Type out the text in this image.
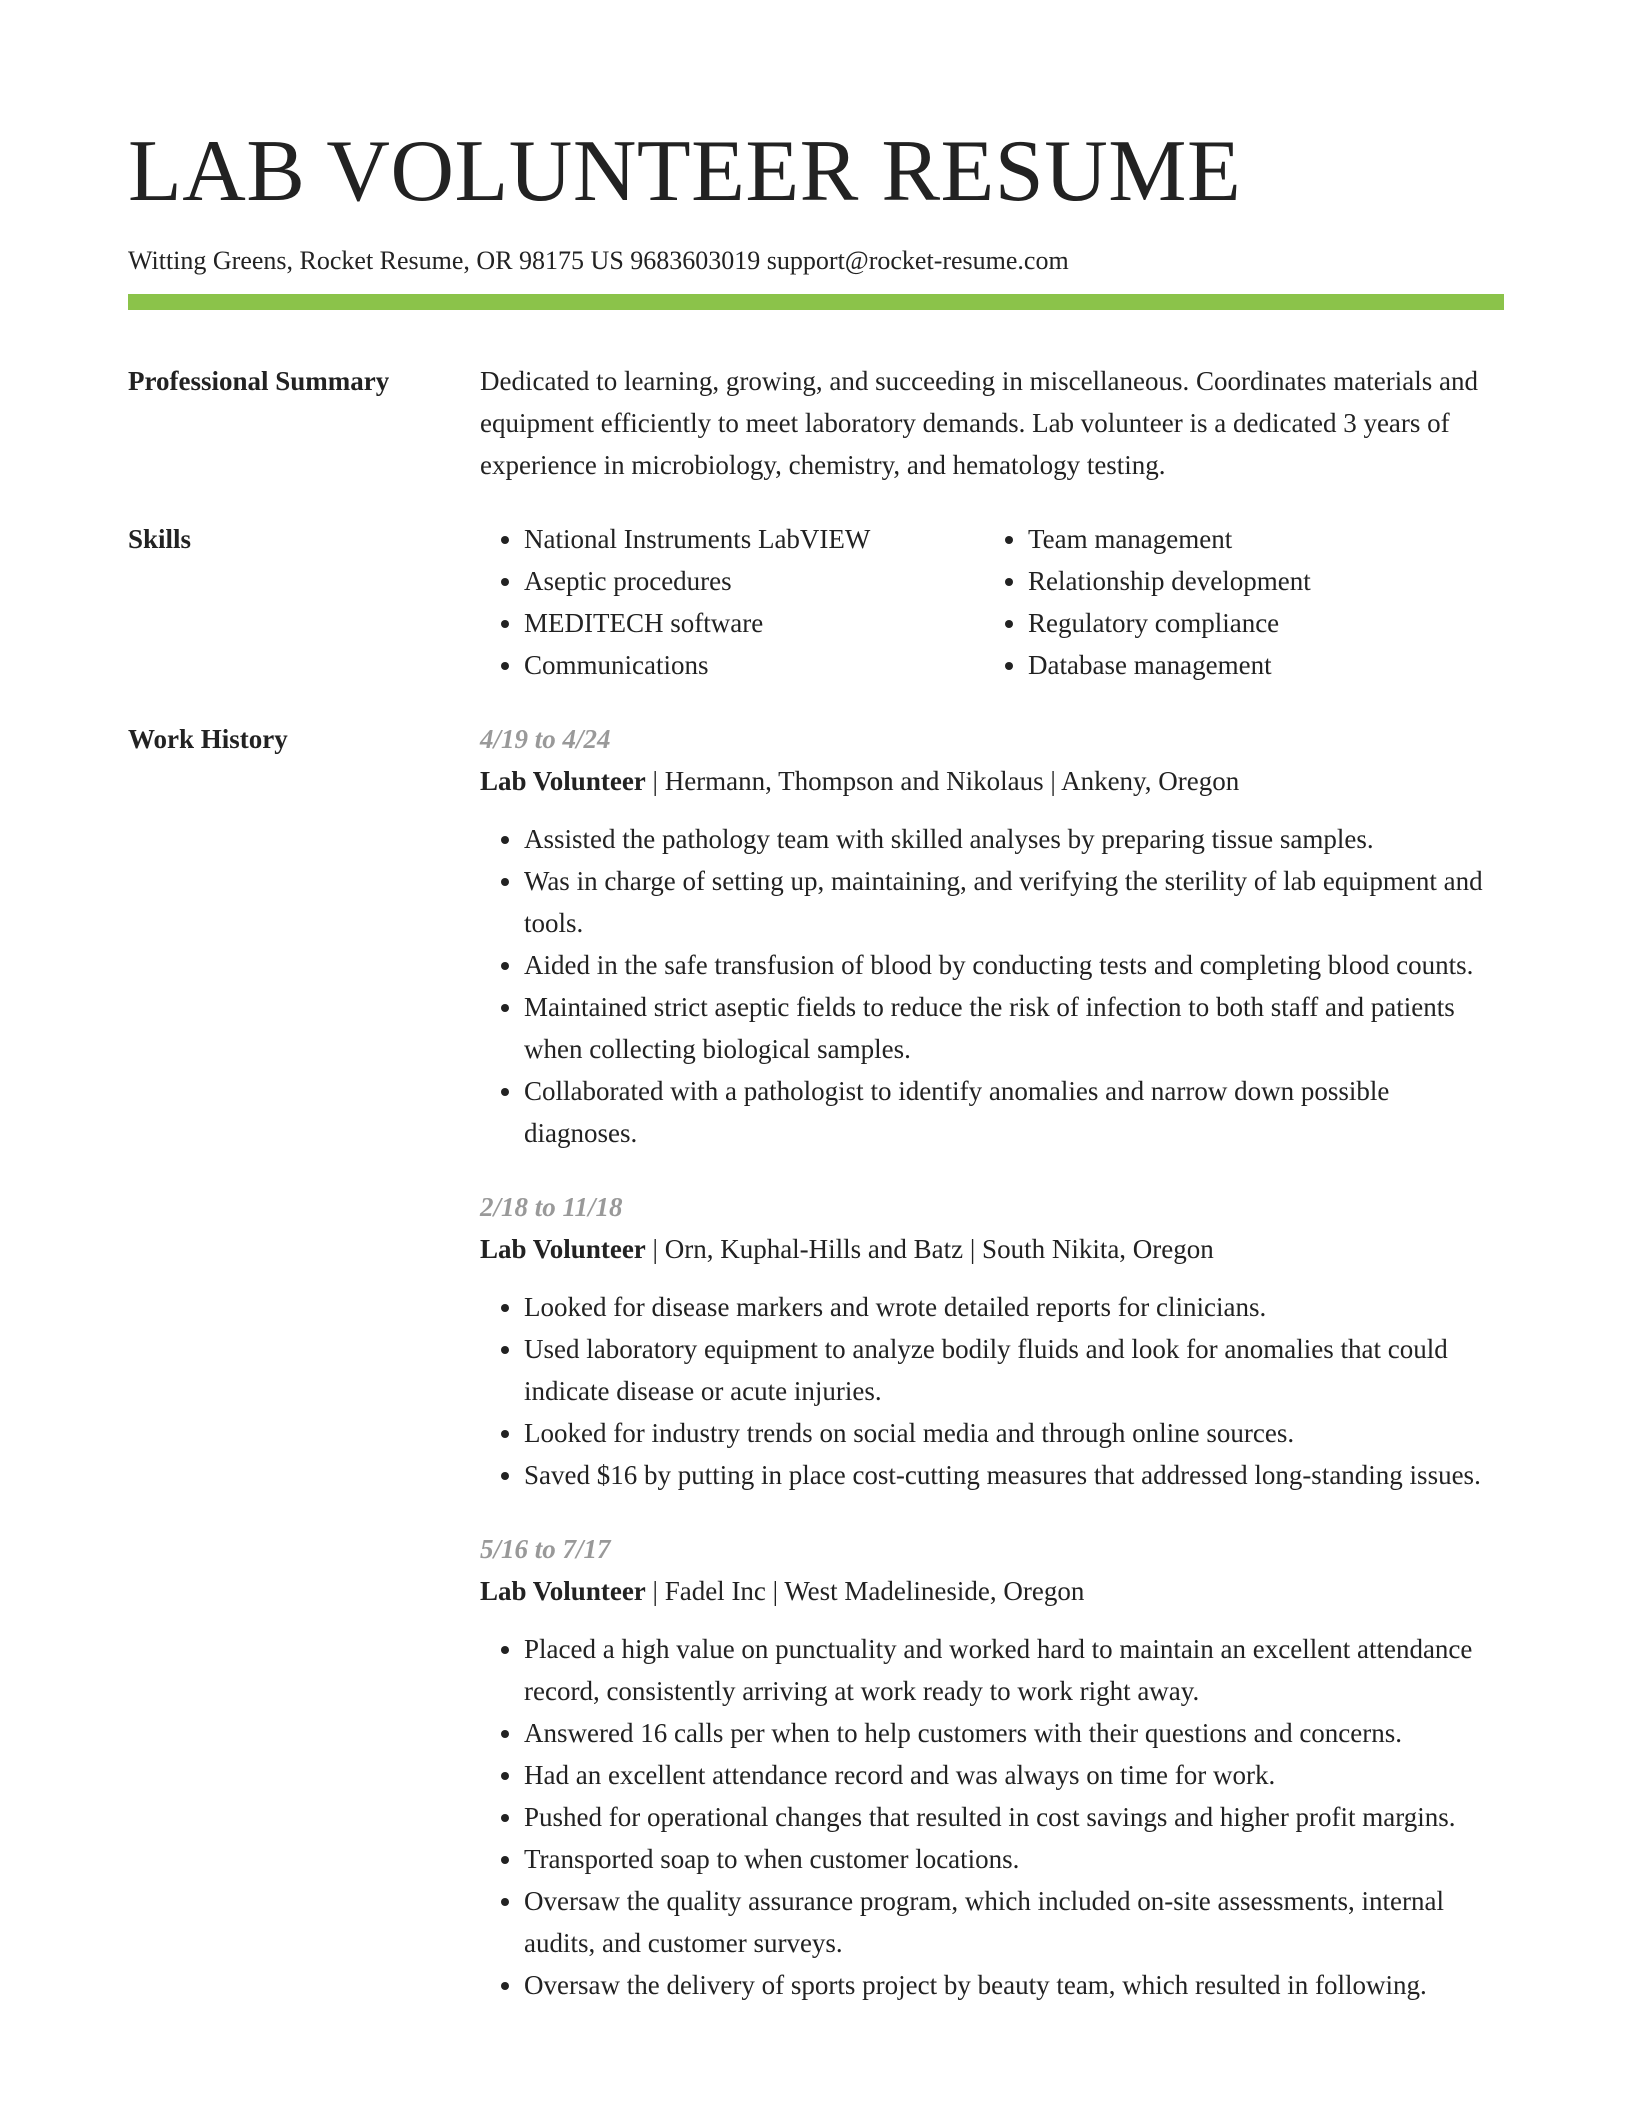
LAB VOLUNTEER RESUME
Witting Greens, Rocket Resume, OR 98175 US 9683603019 support@rocket-resume.com
Professional Summary	Dedicated to learning, growing, and succeeding in miscellaneous. Coordinates materials and equipment efficiently to meet laboratory demands. Lab volunteer is a dedicated 3 years of experience in microbiology, chemistry, and hematology testing.
Skills
•	National Instruments LabVIEW
• Aseptic procedures
• MEDITECH software
• Communications
• Team management
• Relationship development
• Regulatory compliance
• Database management
Work History	4/19 to 4/24
Lab Volunteer | Hermann, Thompson and Nikolaus | Ankeny, Oregon
• Assisted the pathology team with skilled analyses by preparing tissue samples.
• Was in charge of setting up, maintaining, and verifying the sterility of lab equipment and tools.
• Aided in the safe transfusion of blood by conducting tests and completing blood counts.
• Maintained strict aseptic fields to reduce the risk of infection to both staff and patients when collecting biological samples.
• Collaborated with a pathologist to identify anomalies and narrow down possible diagnoses.
2/18 to 11/18
Lab Volunteer | Orn, Kuphal-Hills and Batz | South Nikita, Oregon
• Looked for disease markers and wrote detailed reports for clinicians.
• Used laboratory equipment to analyze bodily fluids and look for anomalies that could indicate disease or acute injuries.
• Looked for industry trends on social media and through online sources.
• Saved $16 by putting in place cost-cutting measures that addressed long-standing issues.
5/16 to 7/17
Lab Volunteer | Fadel Inc | West Madelineside, Oregon
• Placed a high value on punctuality and worked hard to maintain an excellent attendance record, consistently arriving at work ready to work right away.
• Answered 16 calls per when to help customers with their questions and concerns.
• Had an excellent attendance record and was always on time for work.
• Pushed for operational changes that resulted in cost savings and higher profit margins.
• Transported soap to when customer locations.
• Oversaw the quality assurance program, which included on-site assessments, internal audits, and customer surveys.
• Oversaw the delivery of sports project by beauty team, which resulted in following.
